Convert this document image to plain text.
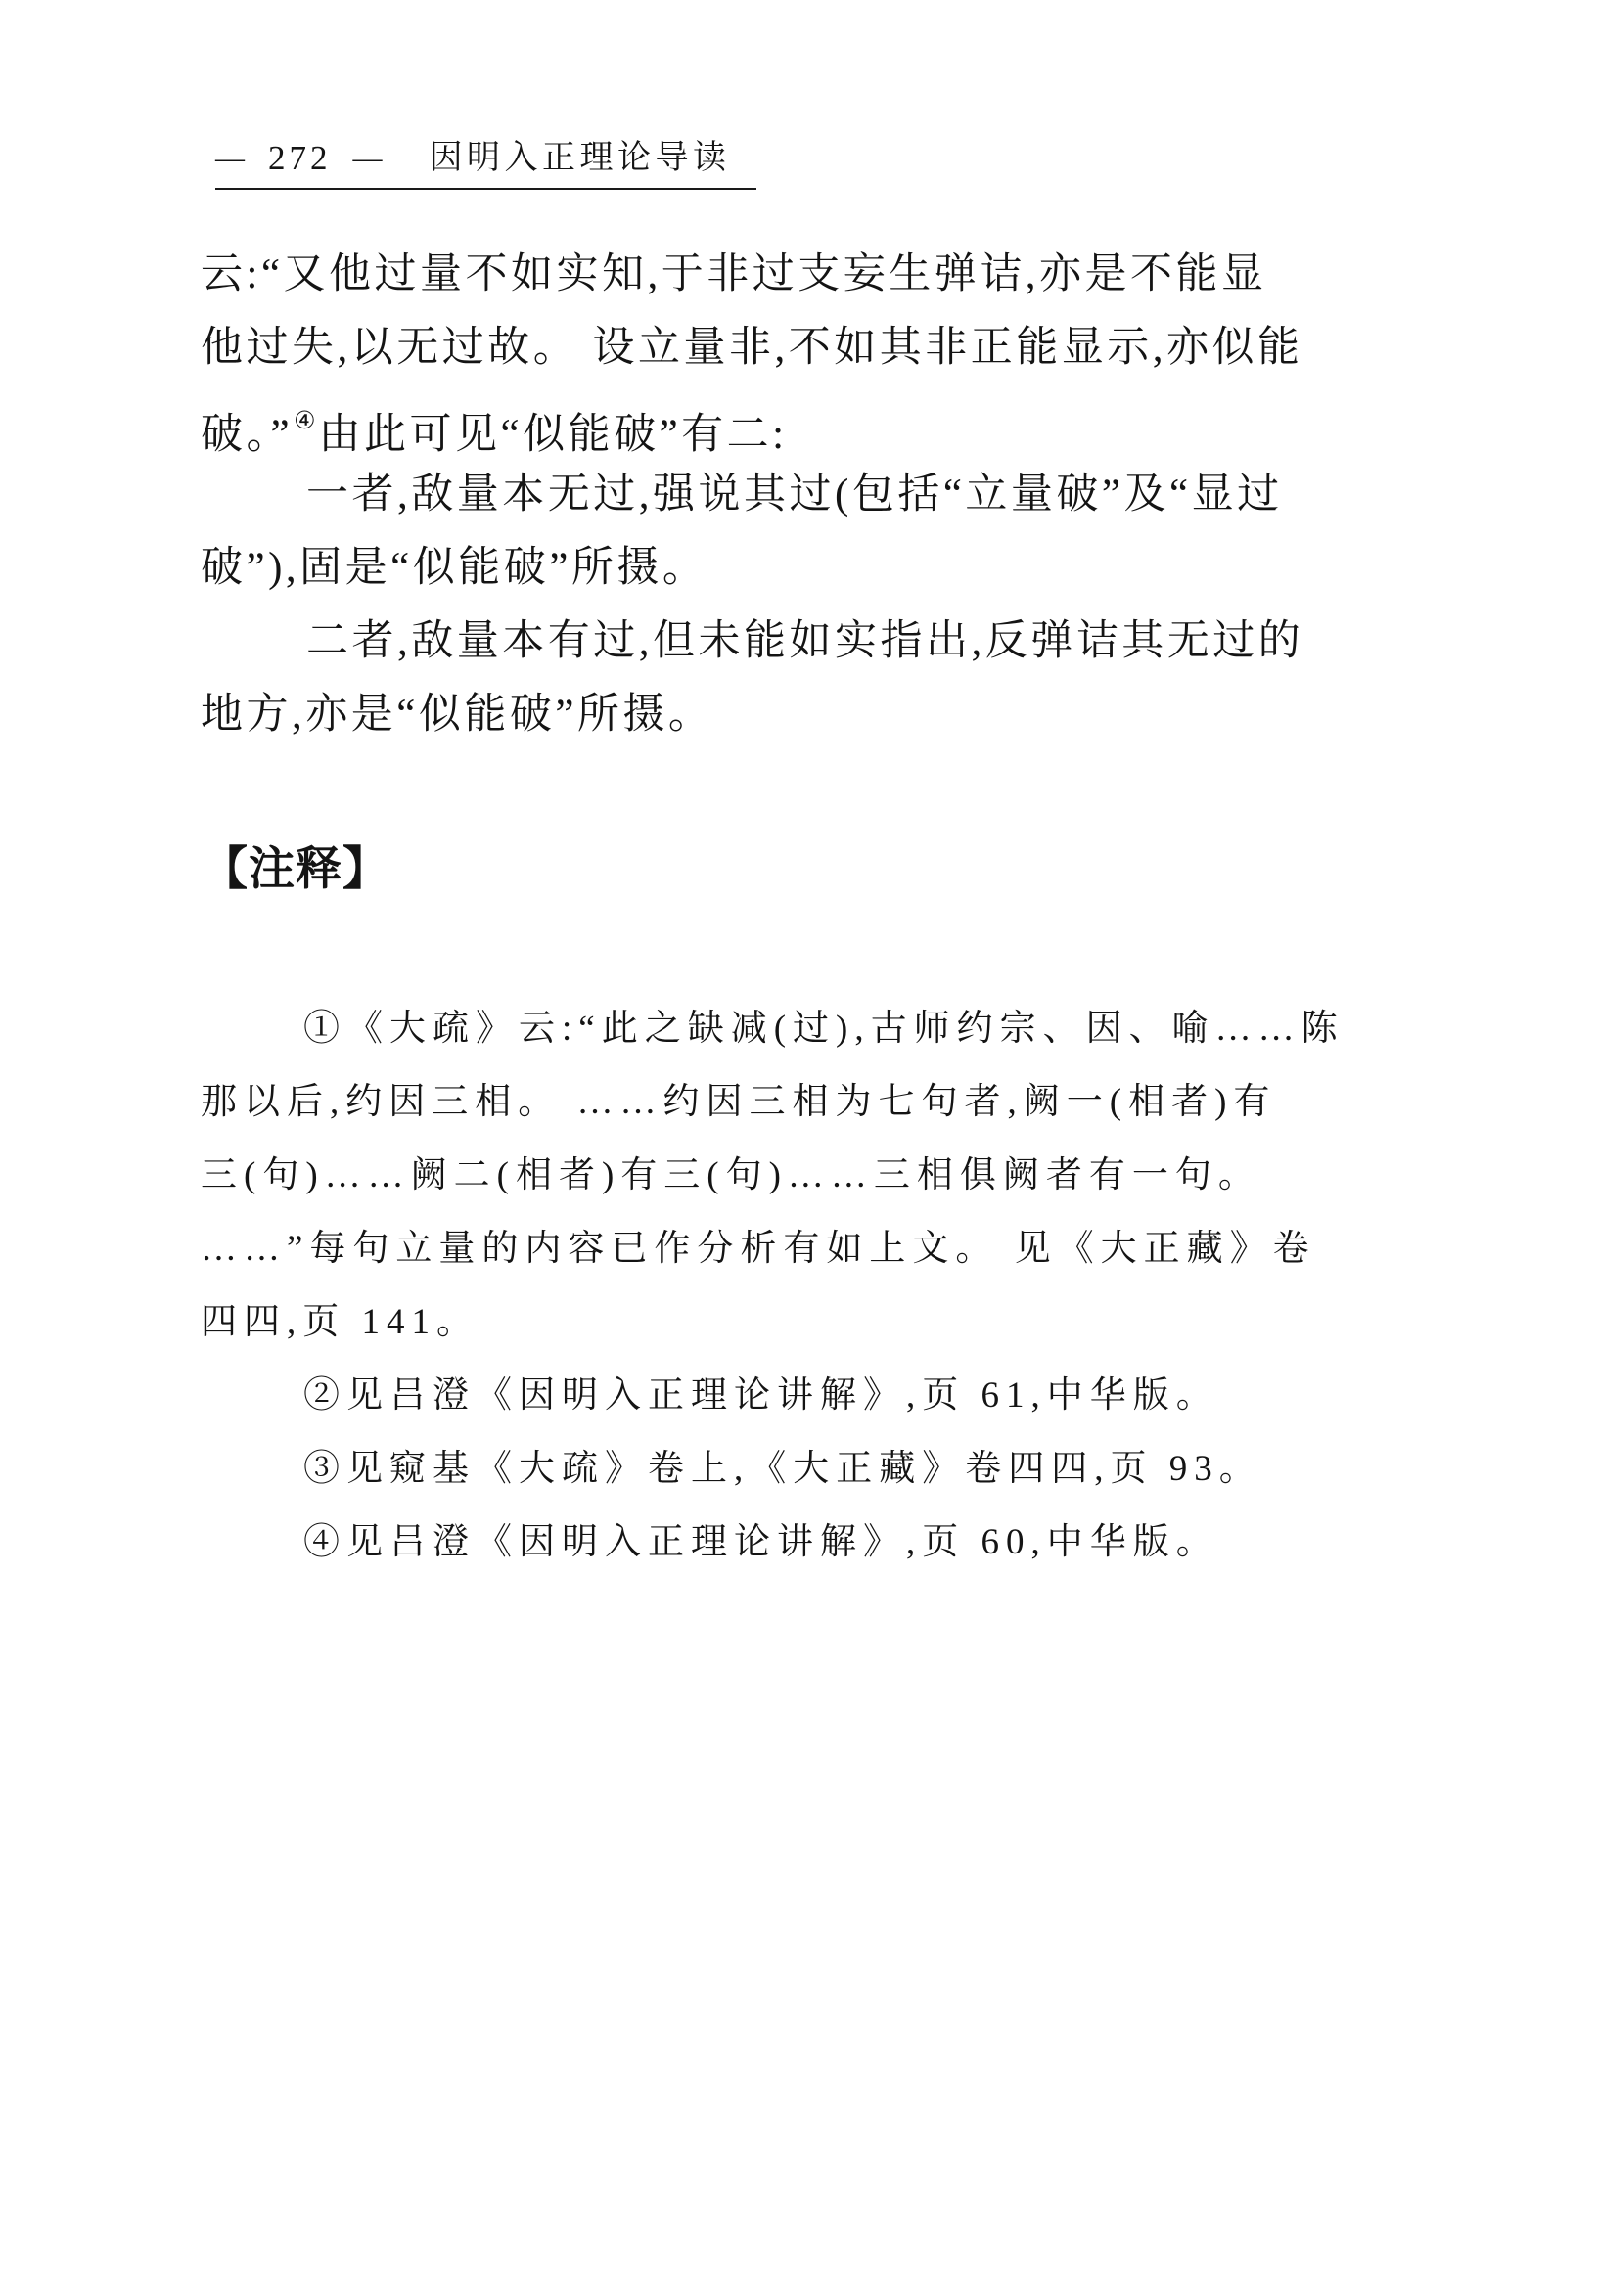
— 272 — 因明入正理论导读
云:“又他过量不如实知,于非过支妄生弹诘,亦是不能显
他过失,以无过故。 设立量非,不如其非正能显示,亦似能
破。”④由此可见“似能破”有二:
一者,敌量本无过,强说其过(包括“立量破”及“显过
破”),固是“似能破”所摄。
二者,敌量本有过,但未能如实指出,反弹诘其无过的
地方,亦是“似能破”所摄。
【注释】
①《大疏》云:“此之缺减(过),古师约宗、因、喻……陈
那以后,约因三相。 ……约因三相为七句者,阙一(相者)有
三(句)……阙二(相者)有三(句)……三相俱阙者有一句。
……”每句立量的内容已作分析有如上文。 见《大正藏》卷
四四,页 141。
②见吕澄《因明入正理论讲解》,页 61,中华版。
③见窥基《大疏》卷上,《大正藏》卷四四,页 93。
④见吕澄《因明入正理论讲解》,页 60,中华版。
